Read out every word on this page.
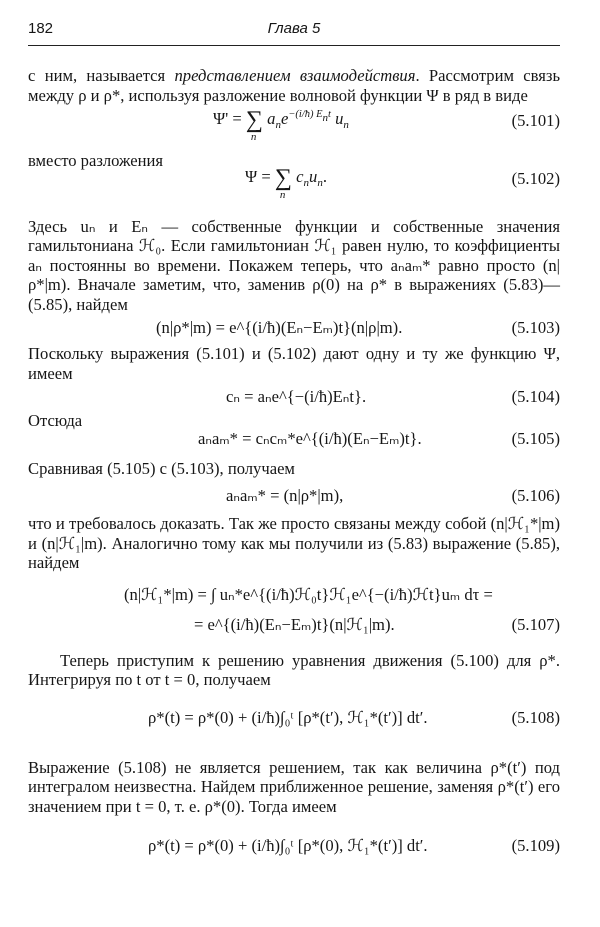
182	Глава 5

с ним, называется представлением взаимодействия. Рассмотрим связь между ρ и ρ*, используя разложение волновой функции Ψ в ряд в виде

Ψ' = ∑
n
$a_ne^{-(i/ħ) E_nt}$ $u_n$	(5.101)

вместо разложения

Ψ = ∑
n
$c_nu_n$.	(5.102)

Здесь uₙ и Eₙ — собственные функции и собственные значения гамильтониана ℋ₀. Если гамильтониан ℋ₁ равен нулю, то коэффициенты aₙ постоянны во времени. Покажем теперь, что aₙaₘ* равно просто (n|ρ*|m). Вначале заметим, что, заменив ρ(0) на ρ* в выражениях (5.83)—(5.85), найдем

(n|ρ*|m) = e^{(i/ħ)(Eₙ−Eₘ)t}(n|ρ|m).	(5.103)

Поскольку выражения (5.101) и (5.102) дают одну и ту же функцию Ψ, имеем

cₙ = aₙe^{−(i/ħ)Eₙt}.	(5.104)

Отсюда

aₙaₘ* = cₙcₘ*e^{(i/ħ)(Eₙ−Eₘ)t}.	(5.105)

Сравнивая (5.105) с (5.103), получаем

aₙaₘ* = (n|ρ*|m),	(5.106)

что и требовалось доказать. Так же просто связаны между собой (n|ℋ₁*|m) и (n|ℋ₁|m). Аналогично тому как мы получили из (5.83) выражение (5.85), найдем

(n|ℋ₁*|m) = ∫ uₙ*e^{(i/ħ)ℋ₀t}ℋ₁e^{−(i/ħ)ℋt}uₘ dτ =
= e^{(i/ħ)(Eₙ−Eₘ)t}(n|ℋ₁|m).	(5.107)

Теперь приступим к решению уравнения движения (5.100) для ρ*. Интегрируя по t от t = 0, получаем

ρ*(t) = ρ*(0) + (i/ħ)∫₀ᵗ [ρ*(t′), ℋ₁*(t′)] dt′.	(5.108)

Выражение (5.108) не является решением, так как величина ρ*(t′) под интегралом неизвестна. Найдем приближенное решение, заменяя ρ*(t′) его значением при t = 0, т. е. ρ*(0). Тогда имеем

ρ*(t) = ρ*(0) + (i/ħ)∫₀ᵗ [ρ*(0), ℋ₁*(t′)] dt′.	(5.109)
